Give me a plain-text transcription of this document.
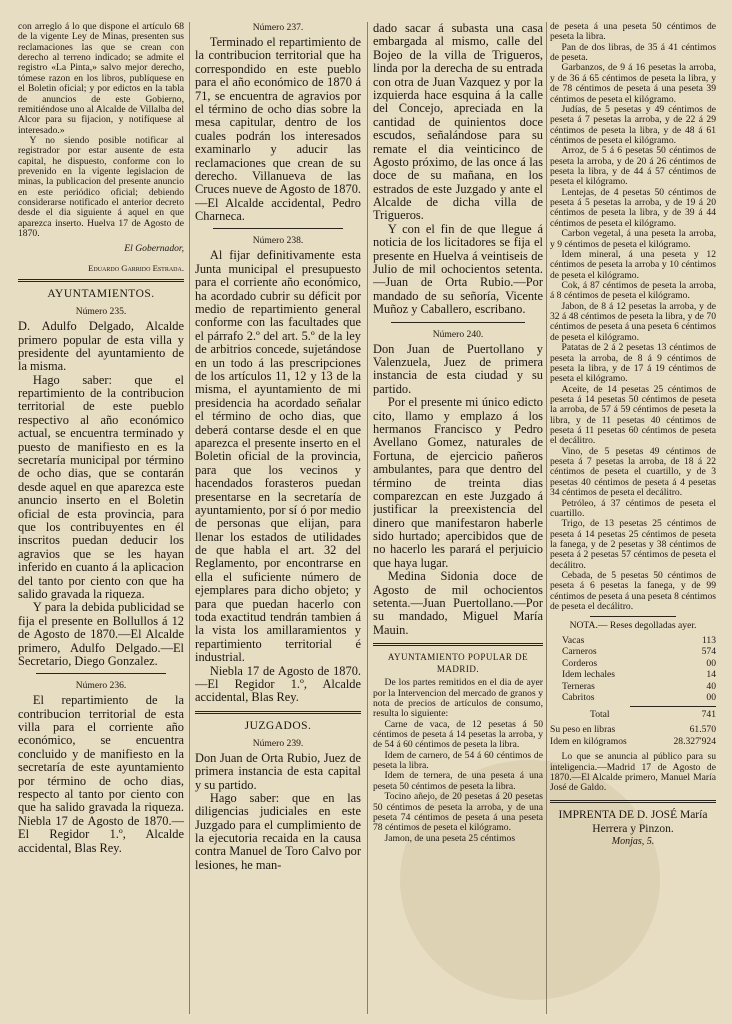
con arreglo á lo que dispone el artículo 68 de la vigente Ley de Minas, presenten sus reclamaciones las que se crean con derecho al terreno indicado; se admite el registro «La Pinta,» salvo mejor derecho, tómese razon en los libros, publíquese en el Boletin oficial; y por edictos en la tabla de anuncios de este Gobierno, remitiéndose uno al Alcalde de Villalba del Alcor para su fijacion, y notifíquese al interesado.»

Y no siendo posible notificar al registrador por estar ausente de esta capital, he dispuesto, conforme con lo prevenido en la vigente legislacion de minas, la publicacion del presente anuncio en este periódico oficial; debiendo considerarse notificado el anterior decreto desde el dia siguiente á aquel en que aparezca inserto. Huelva 17 de Agosto de 1870.

El Gobernador,

Eduardo Garrido Estrada.

AYUNTAMIENTOS.
Número 235.

D. Adulfo Delgado, Alcalde primero popular de esta villa y presidente del ayuntamiento de la misma.

Hago saber: que el repartimiento de la contribucion territorial de este pueblo respectivo al año económico actual, se encuentra terminado y puesto de manifiesto en es la secretaría municipal por término de ocho dias, que se contarán desde aquel en que aparezca este anuncio inserto en el Boletin oficial de esta provincia, para que los contribuyentes en él inscritos puedan deducir los agravios que se les hayan inferido en cuanto á la aplicacion del tanto por ciento con que ha salido gravada la riqueza.

Y para la debida publicidad se fija el presente en Bollullos á 12 de Agosto de 1870.—El Alcalde primero, Adulfo Delgado.—El Secretario, Diego Gonzalez.

Número 236.

El repartimiento de la contribucion territorial de esta villa para el corriente año económico, se encuentra concluido y de manifiesto en la secretaría de este ayuntamiento por término de ocho dias, respecto al tanto por ciento con que ha salido gravada la riqueza. Niebla 17 de Agosto de 1870.—El Regidor 1.º, Alcalde accidental, Blas Rey.

Número 237.

Terminado el repartimiento de la contribucion territorial que ha correspondido en este pueblo para el año económico de 1870 á 71, se encuentra de agravios por el término de ocho dias sobre la mesa capitular, dentro de los cuales podrán los interesados examinarlo y aducir las reclamaciones que crean de su derecho. Villanueva de las Cruces nueve de Agosto de 1870.—El Alcalde accidental, Pedro Charneca.

Número 238.

Al fijar definitivamente esta Junta municipal el presupuesto para el corriente año económico, ha acordado cubrir su déficit por medio de repartimiento general conforme con las facultades que el párrafo 2.º del art. 5.º de la ley de arbitrios concede, sujetándose en un todo á las prescripciones de los artículos 11, 12 y 13 de la misma, el ayuntamiento de mi presidencia ha acordado señalar el término de ocho dias, que deberá contarse desde el en que aparezca el presente inserto en el Boletin oficial de la provincia, para que los vecinos y hacendados forasteros puedan presentarse en la secretaría de ayuntamiento, por sí ó por medio de personas que elijan, para llenar los estados de utilidades de que habla el art. 32 del Reglamento, por encontrarse en ella el suficiente número de ejemplares para dicho objeto; y para que puedan hacerlo con toda exactitud tendrán tambien á la vista los amillaramientos y repartimiento territorial é industrial.

Niebla 17 de Agosto de 1870.—El Regidor 1.º, Alcalde accidental, Blas Rey.

JUZGADOS.
Número 239.

Don Juan de Orta Rubio, Juez de primera instancia de esta capital y su partido.

Hago saber: que en las diligencias judiciales en este Juzgado para el cumplimiento de la ejecutoria recaida en la causa contra Manuel de Toro Calvo por lesiones, he man-

dado sacar á subasta una casa embargada al mismo, calle del Bojeo de la villa de Trigueros, linda por la derecha de su entrada con otra de Juan Vazquez y por la izquierda hace esquina á la calle del Concejo, apreciada en la cantidad de quinientos doce escudos, señalándose para su remate el dia veinticinco de Agosto próximo, de las once á las doce de su mañana, en los estrados de este Juzgado y ante el Alcalde de dicha villa de Trigueros.

Y con el fin de que llegue á noticia de los licitadores se fija el presente en Huelva á veintiseis de Julio de mil ochocientos setenta.—Juan de Orta Rubio.—Por mandado de su señoría, Vicente Muñoz y Caballero, escribano.

Número 240.

Don Juan de Puertollano y Valenzuela, Juez de primera instancia de esta ciudad y su partido.

Por el presente mi único edicto cito, llamo y emplazo á los hermanos Francisco y Pedro Avellano Gomez, naturales de Fortuna, de ejercicio pañeros ambulantes, para que dentro del término de treinta dias comparezcan en este Juzgado á justificar la preexistencia del dinero que manifestaron haberle sido hurtado; apercibidos que de no hacerlo les parará el perjuicio que haya lugar.

Medina Sidonia doce de Agosto de mil ochocientos setenta.—Juan Puertollano.—Por su mandado, Miguel María Mauin.

AYUNTAMIENTO POPULAR DE
MADRID.

De los partes remitidos en el dia de ayer por la Intervencion del mercado de granos y nota de precios de artículos de consumo, resulta lo siguiente:

Carne de vaca, de 12 pesetas á 50 céntimos de peseta á 14 pesetas la arroba, y de 54 á 60 céntimos de peseta la libra.

Idem de carnero, de 54 á 60 céntimos de peseta la libra.

Idem de ternera, de una peseta á una peseta 50 céntimos de peseta la libra.

Tocino añejo, de 20 pesetas á 20 pesetas 50 céntimos de peseta la arroba, y de una peseta 74 céntimos de peseta á una peseta 78 céntimos de peseta el kilógramo.

Jamon, de una peseta 25 céntimos

de peseta á una peseta 50 céntimos de peseta la libra.

Pan de dos libras, de 35 á 41 céntimos de peseta.

Garbanzos, de 9 á 16 pesetas la arroba, y de 36 á 65 céntimos de peseta la libra, y de 78 céntimos de peseta á una peseta 39 céntimos de peseta el kilógramo.

Judías, de 5 pesetas y 49 céntimos de peseta á 7 pesetas la arroba, y de 22 á 29 céntimos de peseta la libra, y de 48 á 61 céntimos de peseta el kilógramo.

Arroz, de 5 á 6 pesetas 50 céntimos de peseta la arroba, y de 20 á 26 céntimos de peseta la libra, y de 44 á 57 céntimos de peseta el kilógramo.

Lentejas, de 4 pesetas 50 céntimos de peseta á 5 pesetas la arroba, y de 19 á 20 céntimos de peseta la libra, y de 39 á 44 céntimos de peseta el kilógramo.

Carbon vegetal, á una peseta la arroba, y 9 céntimos de peseta el kilógramo.

Idem mineral, á una peseta y 12 céntimos de peseta la arroba y 10 céntimos de peseta el kilógramo.

Cok, á 87 céntimos de peseta la arroba, á 8 céntimos de peseta el kilógramo.

Jabon, de 8 á 12 pesetas la arroba, y de 32 á 48 céntimos de peseta la libra, y de 70 céntimos de peseta á una peseta 6 céntimos de peseta el kilógramo.

Patatas de 2 á 2 pesetas 13 céntimos de peseta la arroba, de 8 á 9 céntimos de peseta la libra, y de 17 á 19 céntimos de peseta el kilógramo.

Aceite, de 14 pesetas 25 céntimos de peseta á 14 pesetas 50 céntimos de peseta la arroba, de 57 á 59 céntimos de peseta la libra, y de 11 pesetas 40 céntimos de peseta á 11 pesetas 60 céntimos de peseta el decálitro.

Vino, de 5 pesetas 49 céntimos de peseta á 7 pesetas la arroba, de 18 á 22 céntimos de peseta el cuartillo, y de 3 pesetas 40 céntimos de peseta á 4 pesetas 34 céntimos de peseta el decálitro.

Petróleo, á 37 céntimos de peseta el cuartillo.

Trigo, de 13 pesetas 25 céntimos de peseta á 14 pesetas 25 céntimos de peseta la fanega, y de 2 pesetas y 38 céntimos de peseta á 2 pesetas 57 céntimos de peseta el decálitro.

Cebada, de 5 pesetas 50 céntimos de peseta á 6 pesetas la fanega, y de 99 céntimos de peseta á una peseta 8 céntimos de peseta el decálitro.

NOTA.— Reses degolladas ayer.

Vacas	113
Carneros	574
Corderos	00
Idem lechales	14
Terneras	40
Cabritos	00
Total	741
Su peso en libras	61.570
Idem en kilógramos	28.327'924

Lo que se anuncia al público para su inteligencia.—Madrid 17 de Agosto de 1870.—El Alcalde primero, Manuel María José de Galdo.

IMPRENTA DE D. JOSÉ María Herrera y Pinzon.

Monjas, 5.
